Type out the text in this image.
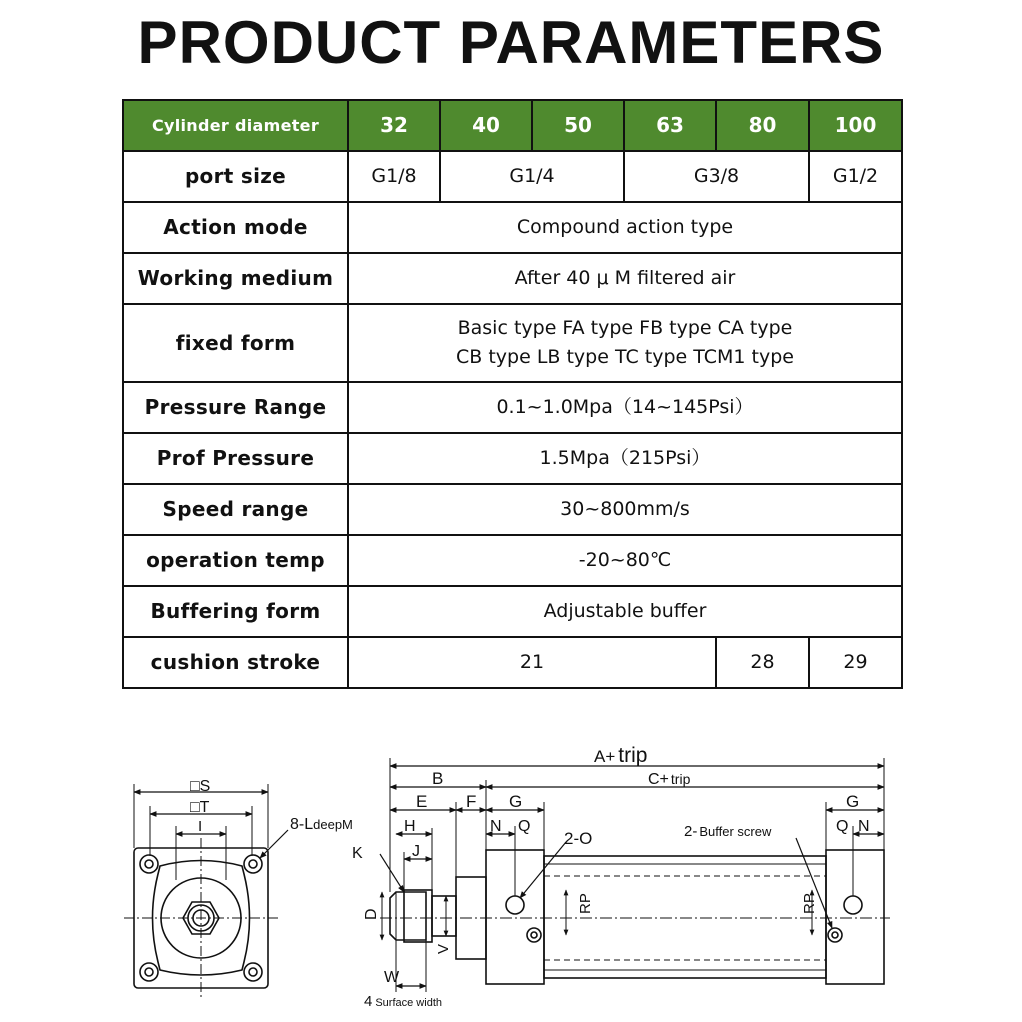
PRODUCT PARAMETERS
Cylinder diameter	32	40	50	63	80	100
port size	G1/8	G1/4		G3/8		G1/2
Action mode	Compound action type					
Working medium	After 40 μ M filtered air					
fixed form	Basic type FA type FB type CA type
CB type LB type TC type TCM1 type					

Pressure Range	0.1~1.0Mpa（14~145Psi）					
Prof Pressure	1.5Mpa（215Psi）					
Speed range	30~800mm/s					
operation temp	-20~80℃					
Buffering form	Adjustable buffer					
cushion stroke	21				28	29
□S
□T
I	8-LdeepM
A+ trip
C+ trip
B
E F G	G
H
J
K
N Q	Q N
2-O	2- Buffer screw
D
V
RP	RP
W
4 Surface width
